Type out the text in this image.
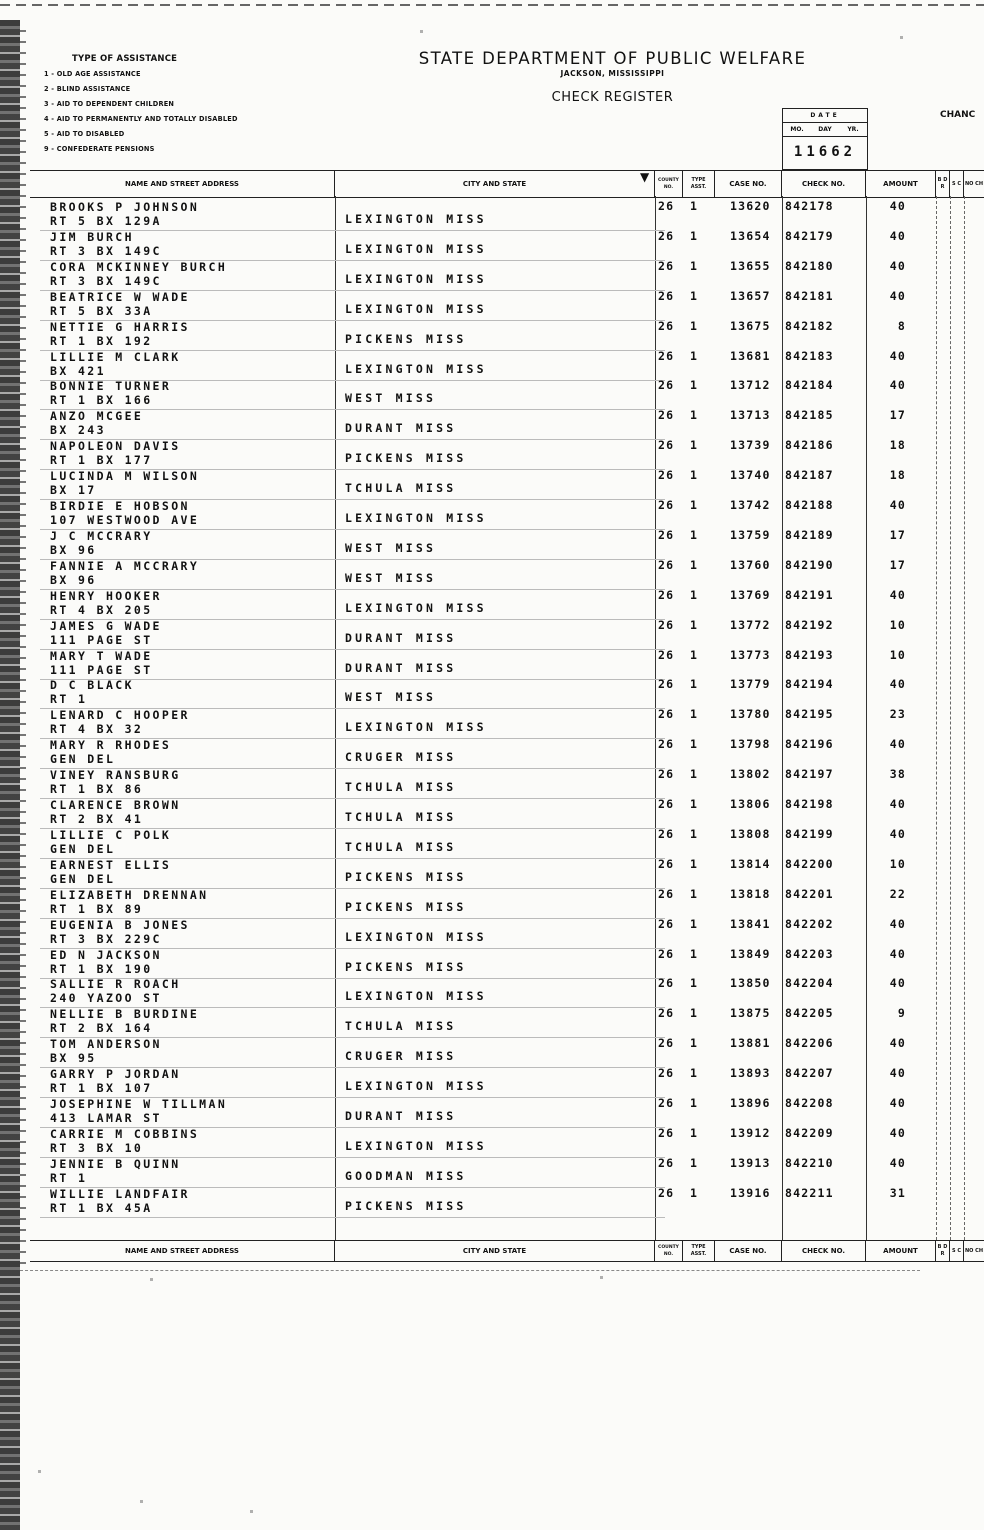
TYPE OF ASSISTANCE
1 - OLD AGE ASSISTANCE
2 - BLIND ASSISTANCE
3 - AID TO DEPENDENT CHILDREN
4 - AID TO PERMANENTLY AND TOTALLY DISABLED
5 - AID TO DISABLED
9 - CONFEDERATE PENSIONS
STATE DEPARTMENT OF PUBLIC WELFARE
JACKSON, MISSISSIPPI
CHECK REGISTER
CHANC
DATE
MO.	DAY	YR.
11662
▼
NAME AND STREET ADDRESS	CITY AND STATE	COUNTY NO.
TYPE ASST.	CASE NO.	CHECK NO.	AMOUNT	B D R
S C NO CH
BROOKS P JOHNSON
RT 5 BX 129A	LEXINGTON MISS
26 1	13620 842178	40
JIM BURCH
RT 3 BX 149C	LEXINGTON MISS
26 1	13654 842179	40
CORA MCKINNEY BURCH
RT 3 BX 149C	LEXINGTON MISS
26 1	13655 842180	40
BEATRICE W WADE
RT 5 BX 33A	LEXINGTON MISS
26 1	13657 842181	40
NETTIE G HARRIS
RT 1 BX 192	PICKENS MISS
26 1	13675 842182	8
LILLIE M CLARK
BX 421	LEXINGTON MISS
26 1	13681 842183	40
BONNIE TURNER
RT 1 BX 166	WEST MISS
26 1	13712 842184	40
ANZO MCGEE
BX 243	DURANT MISS
26 1	13713 842185	17
NAPOLEON DAVIS
RT 1 BX 177	PICKENS MISS
26 1	13739 842186	18
LUCINDA M WILSON
BX 17	TCHULA MISS
26 1	13740 842187	18
BIRDIE E HOBSON
107 WESTWOOD AVE	LEXINGTON MISS
26 1	13742 842188	40
J C MCCRARY
BX 96	WEST MISS
26 1	13759 842189	17
FANNIE A MCCRARY
BX 96	WEST MISS
26 1	13760 842190	17
HENRY HOOKER
RT 4 BX 205	LEXINGTON MISS
26 1	13769 842191	40
JAMES G WADE
111 PAGE ST	DURANT MISS
26 1	13772 842192	10
MARY T WADE
111 PAGE ST	DURANT MISS
26 1	13773 842193	10
D C BLACK
RT 1	WEST MISS
26 1	13779 842194	40
LENARD C HOOPER
RT 4 BX 32	LEXINGTON MISS
26 1	13780 842195	23
MARY R RHODES
GEN DEL	CRUGER MISS
26 1	13798 842196	40
VINEY RANSBURG
RT 1 BX 86	TCHULA MISS
26 1	13802 842197	38
CLARENCE BROWN
RT 2 BX 41	TCHULA MISS
26 1	13806 842198	40
LILLIE C POLK
GEN DEL	TCHULA MISS
26 1	13808 842199	40
EARNEST ELLIS
GEN DEL	PICKENS MISS
26 1	13814 842200	10
ELIZABETH DRENNAN
RT 1 BX 89	PICKENS MISS
26 1	13818 842201	22
EUGENIA B JONES
RT 3 BX 229C	LEXINGTON MISS
26 1	13841 842202	40
ED N JACKSON
RT 1 BX 190	PICKENS MISS
26 1	13849 842203	40
SALLIE R ROACH
240 YAZOO ST	LEXINGTON MISS
26 1	13850 842204	40
NELLIE B BURDINE
RT 2 BX 164	TCHULA MISS
26 1	13875 842205	9
TOM ANDERSON
BX 95	CRUGER MISS
26 1	13881 842206	40
GARRY P JORDAN
RT 1 BX 107	LEXINGTON MISS
26 1	13893 842207	40
JOSEPHINE W TILLMAN
413 LAMAR ST	DURANT MISS
26 1	13896 842208	40
CARRIE M COBBINS
RT 3 BX 10	LEXINGTON MISS
26 1	13912 842209	40
JENNIE B QUINN
RT 1	GOODMAN MISS
26 1	13913 842210	40
WILLIE LANDFAIR
RT 1 BX 45A	PICKENS MISS
26 1	13916 842211	31
NAME AND STREET ADDRESS	CITY AND STATE	COUNTY NO.
TYPE ASST.	CASE NO.	CHECK NO.	AMOUNT	B D R
S C NO CH
